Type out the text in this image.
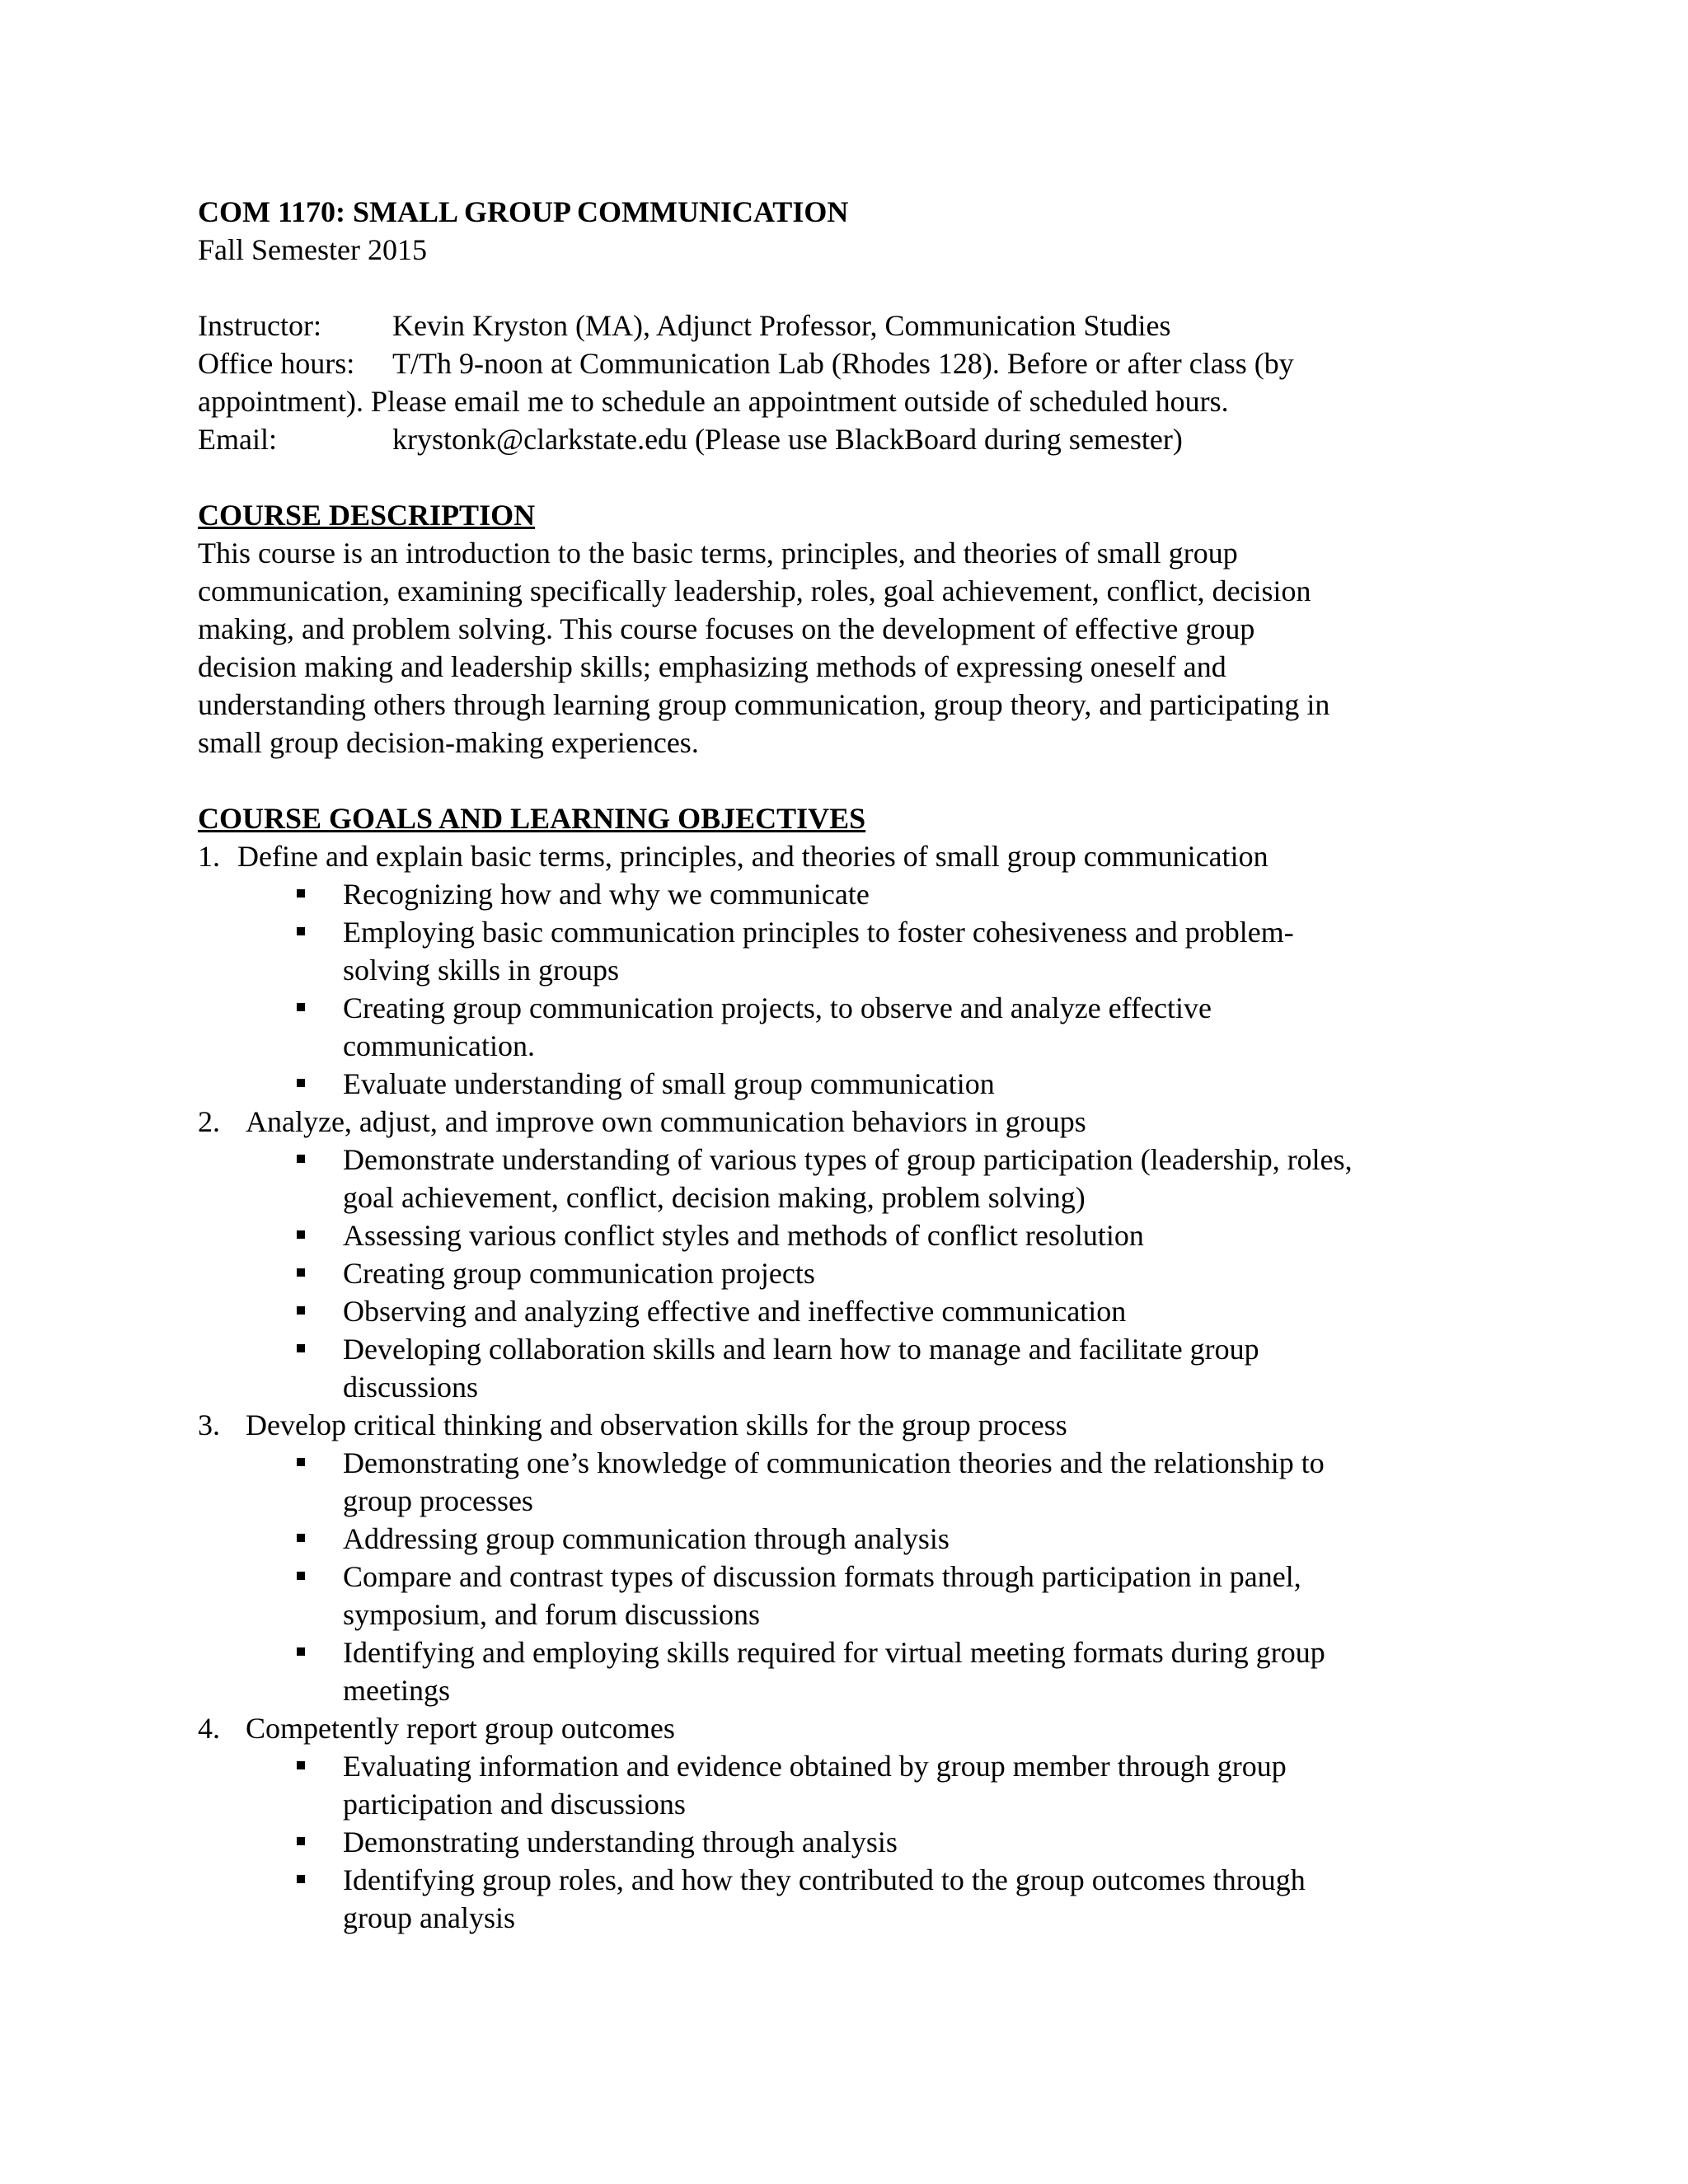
COM 1170: SMALL GROUP COMMUNICATION

Fall Semester 2015

Instructor:	Kevin Kryston (MA), Adjunct Professor, Communication Studies
Office hours:	T/Th 9-noon at Communication Lab (Rhodes 128). Before or after class (by

appointment). Please email me to schedule an appointment outside of scheduled hours.

Email:	krystonk@clarkstate.edu (Please use BlackBoard during semester)

COURSE DESCRIPTION

This course is an introduction to the basic terms, principles, and theories of small group

communication, examining specifically leadership, roles, goal achievement, conflict, decision

making, and problem solving. This course focuses on the development of effective group

decision making and leadership skills; emphasizing methods of expressing oneself and

understanding others through learning group communication, group theory, and participating in

small group decision-making experiences.

COURSE GOALS AND LEARNING OBJECTIVES

1. Define and explain basic terms, principles, and theories of small group communication
Recognizing how and why we communicate
Employing basic communication principles to foster cohesiveness and problem-
solving skills in groups
Creating group communication projects, to observe and analyze effective
communication.
Evaluate understanding of small group communication
2. Analyze, adjust, and improve own communication behaviors in groups
Demonstrate understanding of various types of group participation (leadership, roles,
goal achievement, conflict, decision making, problem solving)
Assessing various conflict styles and methods of conflict resolution
Creating group communication projects
Observing and analyzing effective and ineffective communication
Developing collaboration skills and learn how to manage and facilitate group
discussions
3. Develop critical thinking and observation skills for the group process
Demonstrating one’s knowledge of communication theories and the relationship to
group processes
Addressing group communication through analysis
Compare and contrast types of discussion formats through participation in panel,
symposium, and forum discussions
Identifying and employing skills required for virtual meeting formats during group
meetings
4. Competently report group outcomes
Evaluating information and evidence obtained by group member through group
participation and discussions
Demonstrating understanding through analysis
Identifying group roles, and how they contributed to the group outcomes through
group analysis
